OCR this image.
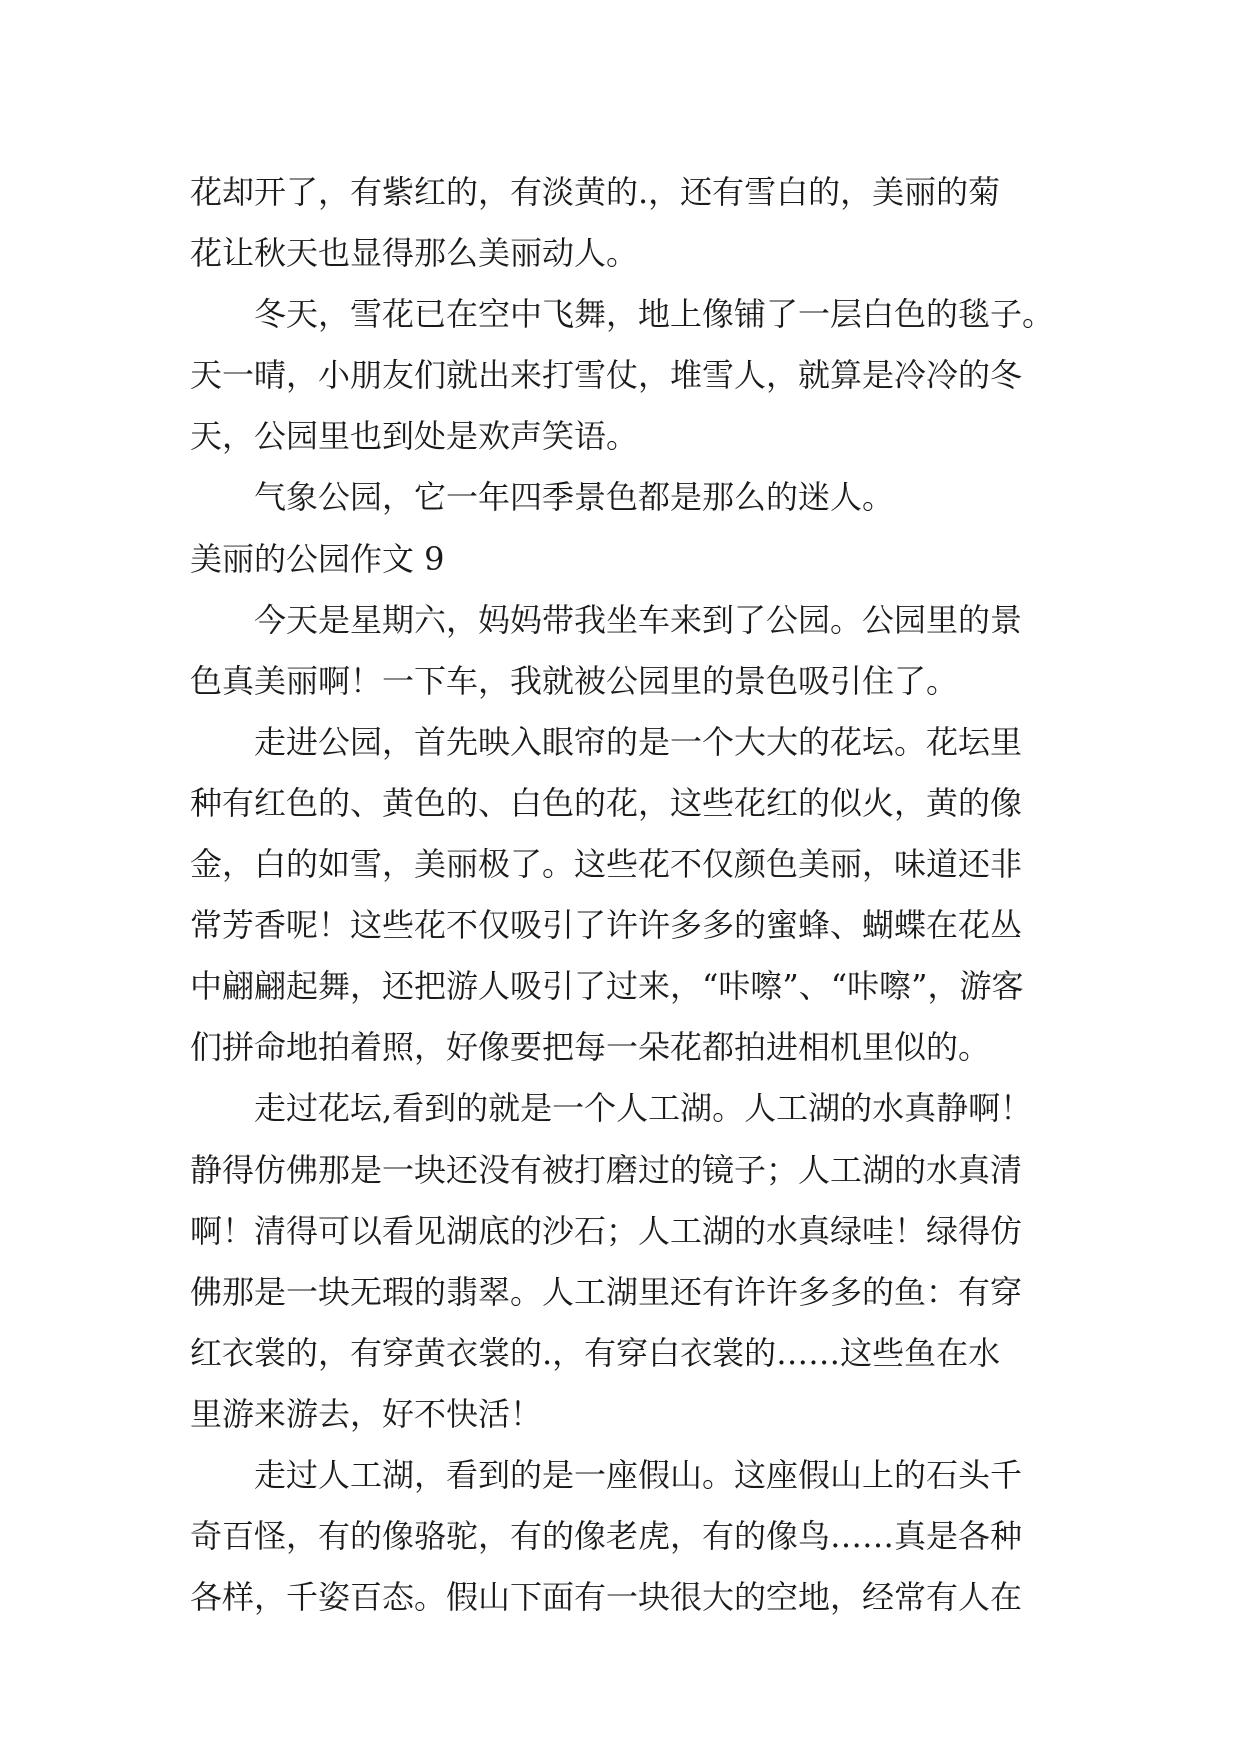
花却开了，有紫红的，有淡黄的.，还有雪白的，美丽的菊
花让秋天也显得那么美丽动人。
冬天，雪花已在空中飞舞，地上像铺了一层白色的毯子。
天一晴，小朋友们就出来打雪仗，堆雪人，就算是冷冷的冬
天，公园里也到处是欢声笑语。
气象公园，它一年四季景色都是那么的迷人。
美丽的公园作文 9
今天是星期六，妈妈带我坐车来到了公园。公园里的景
色真美丽啊！一下车，我就被公园里的景色吸引住了。
走进公园，首先映入眼帘的是一个大大的花坛。花坛里
种有红色的、黄色的、白色的花，这些花红的似火，黄的像
金，白的如雪，美丽极了。这些花不仅颜色美丽，味道还非
常芳香呢！这些花不仅吸引了许许多多的蜜蜂、蝴蝶在花丛
中翩翩起舞，还把游人吸引了过来，“咔嚓”、“咔嚓”，游客
们拼命地拍着照，好像要把每一朵花都拍进相机里似的。
走过花坛,看到的就是一个人工湖。人工湖的水真静啊！
静得仿佛那是一块还没有被打磨过的镜子；人工湖的水真清
啊！清得可以看见湖底的沙石；人工湖的水真绿哇！绿得仿
佛那是一块无瑕的翡翠。人工湖里还有许许多多的鱼：有穿
红衣裳的，有穿黄衣裳的.，有穿白衣裳的……这些鱼在水
里游来游去，好不快活！
走过人工湖，看到的是一座假山。这座假山上的石头千
奇百怪，有的像骆驼，有的像老虎，有的像鸟……真是各种
各样，千姿百态。假山下面有一块很大的空地，经常有人在
